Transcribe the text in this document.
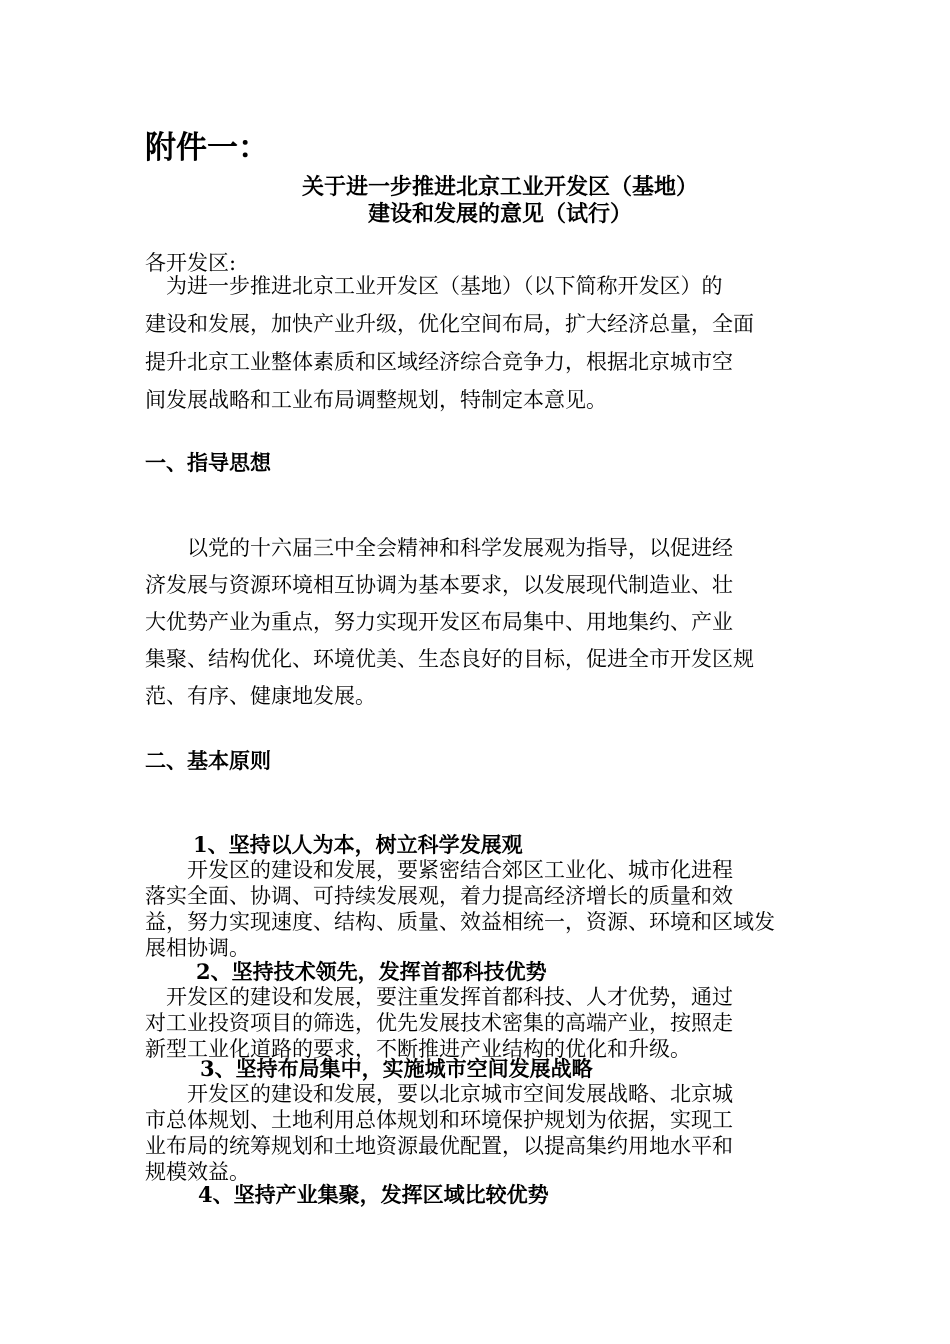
附件一：
关于进一步推进北京工业开发区（基地）
建设和发展的意见（试行）
各开发区:
　为进一步推进北京工业开发区（基地）（以下简称开发区）的
建设和发展，加快产业升级，优化空间布局，扩大经济总量，全面
提升北京工业整体素质和区域经济综合竞争力，根据北京城市空
间发展战略和工业布局调整规划，特制定本意见。
一、指导思想
　　以党的十六届三中全会精神和科学发展观为指导，以促进经
济发展与资源环境相互协调为基本要求，以发展现代制造业、壮
大优势产业为重点，努力实现开发区布局集中、用地集约、产业
集聚、结构优化、环境优美、生态良好的目标，促进全市开发区规
范、有序、健康地发展。
二、基本原则
1、坚持以人为本，树立科学发展观
　　开发区的建设和发展，要紧密结合郊区工业化、城市化进程
落实全面、协调、可持续发展观，着力提高经济增长的质量和效
益，努力实现速度、结构、质量、效益相统一，资源、环境和区域发
展相协调。
2、坚持技术领先，发挥首都科技优势
　开发区的建设和发展，要注重发挥首都科技、人才优势，通过
对工业投资项目的筛选，优先发展技术密集的高端产业，按照走
新型工业化道路的要求，不断推进产业结构的优化和升级。
3、坚持布局集中，实施城市空间发展战略
　　开发区的建设和发展，要以北京城市空间发展战略、北京城
市总体规划、土地利用总体规划和环境保护规划为依据，实现工
业布局的统筹规划和土地资源最优配置，以提高集约用地水平和
规模效益。
4、坚持产业集聚，发挥区域比较优势
